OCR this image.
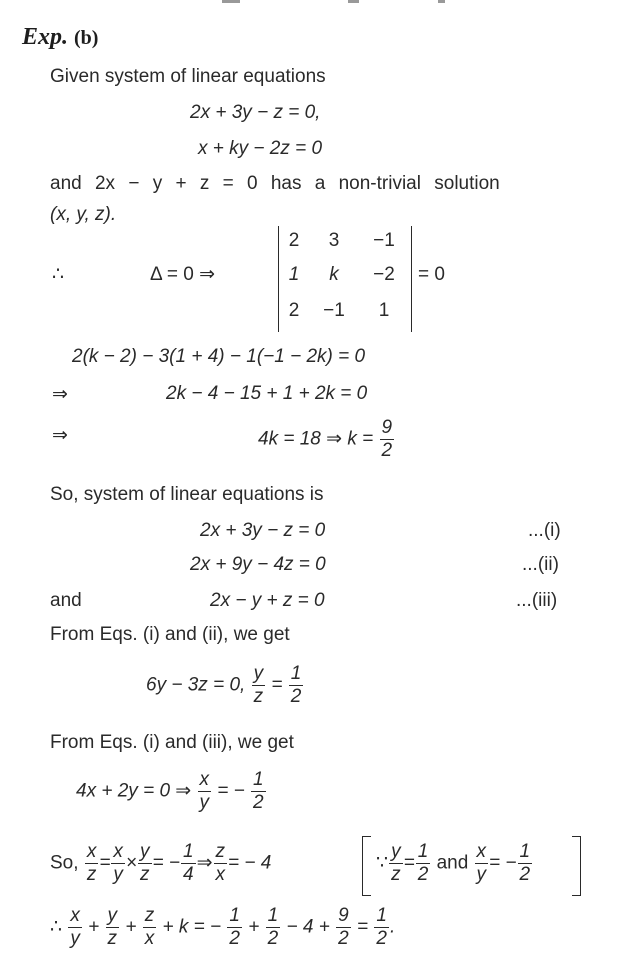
Exp. (b)
Given system of linear equations
2x + 3y − z = 0,
x + ky − 2z = 0
and 2x − y + z = 0 has a non-trivial solution
(x, y, z).
∴	Δ = 0 ⇒
2	3	−1
1	k	−2
2	−1	1
= 0
2(k − 2) − 3(1 + 4) − 1(−1 − 2k) = 0
⇒	2k − 4 − 15 + 1 + 2k = 0
⇒	4k = 18 ⇒ $k = \frac{9}{2}$
So, system of linear equations is
2x + 3y − z = 0	...(i)
2x + 9y − 4z = 0	...(ii)
and	2x − y + z = 0	...(iii)
From Eqs. (i) and (ii), we get
6y − 3z = 0, $\frac{y}{z} = \frac{1}{2}$
From Eqs. (i) and (iii), we get
4x + 2y = 0 ⇒ $\frac{x}{y}$ = − $\frac{1}{2}$
So, $\frac{x}{z} = \frac{x}{y} \times \frac{y}{z}$ = − $\frac{1}{4}$ ⇒ $\frac{z}{x}$ = − 4	∵ $\frac{y}{z} = \frac{1}{2}$ and $\frac{x}{y}$ = − $\frac{1}{2}$
∴ $\frac{x}{y} + \frac{y}{z} + \frac{z}{x} + k$ = − $\frac{1}{2} + \frac{1}{2} - 4 + \frac{9}{2} = \frac{1}{2}$ .
